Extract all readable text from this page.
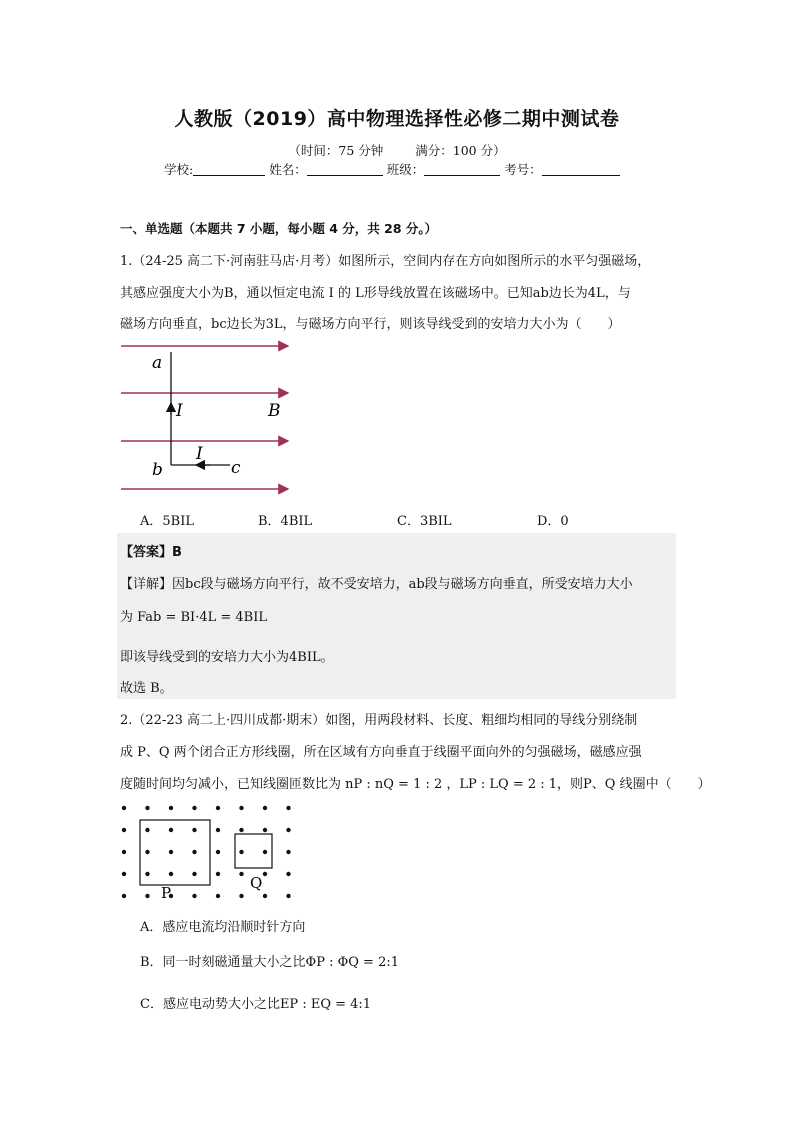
人教版（2019）高中物理选择性必修二期中测试卷
（时间：75 分钟	满分：100 分）
学校:	姓名：	班级：	考号：
一、单选题（本题共 7 小题，每小题 4 分，共 28 分。）
1.（24-25 高二下·河南驻马店·月考）如图所示，空间内存在方向如图所示的水平匀强磁场，
其感应强度大小为B，通以恒定电流 I 的 L形导线放置在该磁场中。已知ab边长为4L，与
磁场方向垂直，bc边长为3L，与磁场方向平行，则该导线受到的安培力大小为（　　）
a
I	B
I
b	c
A．5BIL	B．4BIL	C．3BIL	D．0
【答案】B
【详解】因bc段与磁场方向平行，故不受安培力，ab段与磁场方向垂直，所受安培力大小
为 Fab = BI·4L = 4BIL
即该导线受到的安培力大小为4BIL。
故选 B。
2.（22-23 高二上·四川成都·期末）如图，用两段材料、长度、粗细均相同的导线分别绕制
成 P、Q 两个闭合正方形线圈，所在区域有方向垂直于线圈平面向外的匀强磁场，磁感应强
度随时间均匀减小，已知线圈匝数比为 nP : nQ = 1 : 2 ，LP : LQ = 2 : 1，则P、Q 线圈中（　　）
P
Q
A．感应电流均沿顺时针方向
B．同一时刻磁通量大小之比ΦP : ΦQ = 2:1
C．感应电动势大小之比EP : EQ = 4:1
